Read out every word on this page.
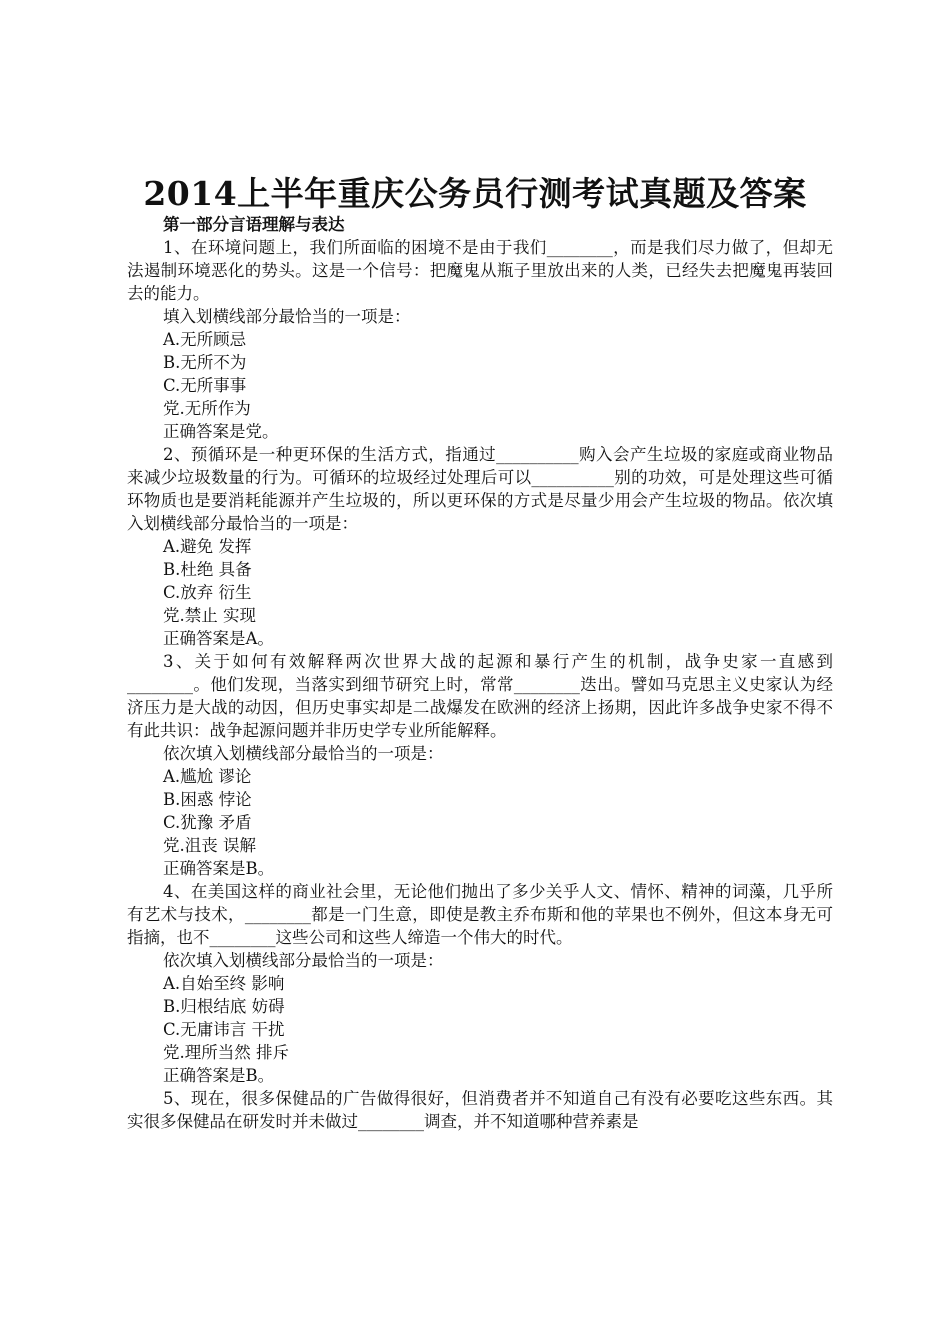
2014上半年重庆公务员行测考试真题及答案
第一部分言语理解与表达
1、在环境问题上，我们所面临的困境不是由于我们________，而是我们尽力做了，但却无法遏制环境恶化的势头。这是一个信号：把魔鬼从瓶子里放出来的人类，已经失去把魔鬼再装回去的能力。
填入划横线部分最恰当的一项是：
A.无所顾忌
B.无所不为
C.无所事事
党.无所作为
正确答案是党。
2、预循环是一种更环保的生活方式，指通过__________购入会产生垃圾的家庭或商业物品来减少垃圾数量的行为。可循环的垃圾经过处理后可以__________别的功效，可是处理这些可循环物质也是要消耗能源并产生垃圾的，所以更环保的方式是尽量少用会产生垃圾的物品。依次填入划横线部分最恰当的一项是：
A.避免 发挥
B.杜绝 具备
C.放弃 衍生
党.禁止 实现
正确答案是A。
3、关于如何有效解释两次世界大战的起源和暴行产生的机制，战争史家一直感到________。他们发现，当落实到细节研究上时，常常________迭出。譬如马克思主义史家认为经济压力是大战的动因，但历史事实却是二战爆发在欧洲的经济上扬期，因此许多战争史家不得不有此共识：战争起源问题并非历史学专业所能解释。
依次填入划横线部分最恰当的一项是：
A.尴尬 谬论
B.困惑 悖论
C.犹豫 矛盾
党.沮丧 误解
正确答案是B。
4、在美国这样的商业社会里，无论他们抛出了多少关乎人文、情怀、精神的词藻，几乎所有艺术与技术，________都是一门生意，即使是教主乔布斯和他的苹果也不例外，但这本身无可指摘，也不________这些公司和这些人缔造一个伟大的时代。
依次填入划横线部分最恰当的一项是：
A.自始至终 影响
B.归根结底 妨碍
C.无庸讳言 干扰
党.理所当然 排斥
正确答案是B。
5、现在，很多保健品的广告做得很好，但消费者并不知道自己有没有必要吃这些东西。其实很多保健品在研发时并未做过________调查，并不知道哪种营养素是
